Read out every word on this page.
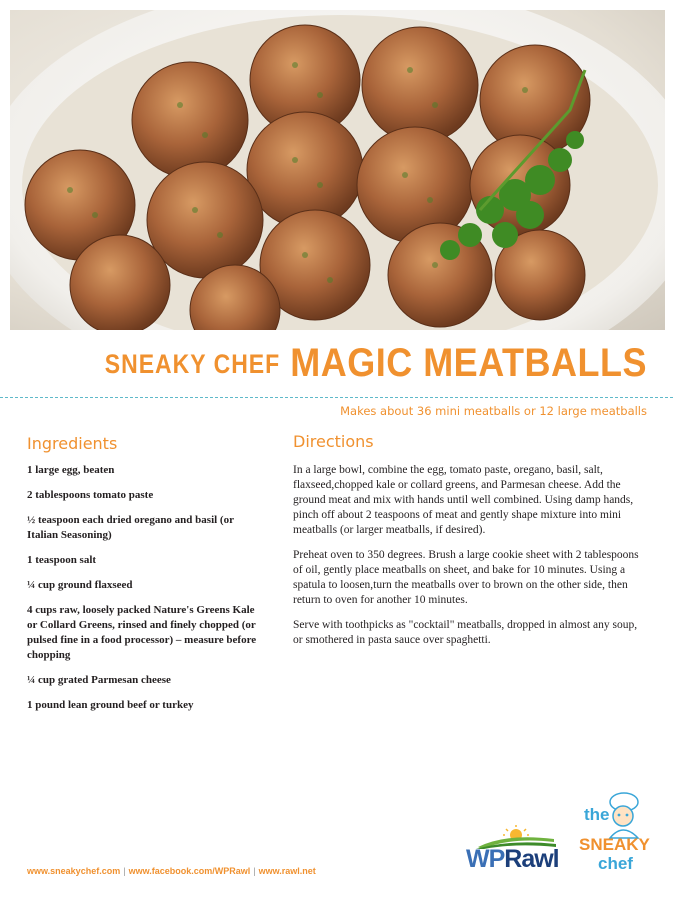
SNEAKY CHEF MAGIC MEATBALLS
Makes about 36 mini meatballs or 12 large meatballs
Ingredients	Directions
1 large egg, beaten
2 tablespoons tomato paste
½ teaspoon each dried oregano and basil (or Italian Seasoning)
1 teaspoon salt
¼ cup ground flaxseed
4 cups raw, loosely packed Nature's Greens Kale or Collard Greens, rinsed and finely chopped (or pulsed fine in a food processor) – measure before chopping
¼ cup grated Parmesan cheese
1 pound lean ground beef or turkey

In a large bowl, combine the egg, tomato paste, oregano, basil, salt, flaxseed,chopped kale or collard greens, and Parmesan cheese. Add the ground meat and mix with hands until well combined. Using damp hands, pinch off about 2 teaspoons of meat and gently shape mixture into mini meatballs (or larger meatballs, if desired).

Preheat oven to 350 degrees. Brush a large cookie sheet with 2 tablespoons of oil, gently place meatballs on sheet, and bake for 10 minutes. Using a spatula to loosen,turn the meatballs over to brown on the other side, then return to oven for another 10 minutes.

Serve with toothpicks as "cocktail" meatballs, dropped in almost any soup, or smothered in pasta sauce over spaghetti.

www.sneakychef.com | www.facebook.com/WPRawl | www.rawl.net	WPRawl
the
SNEAKY
chef
